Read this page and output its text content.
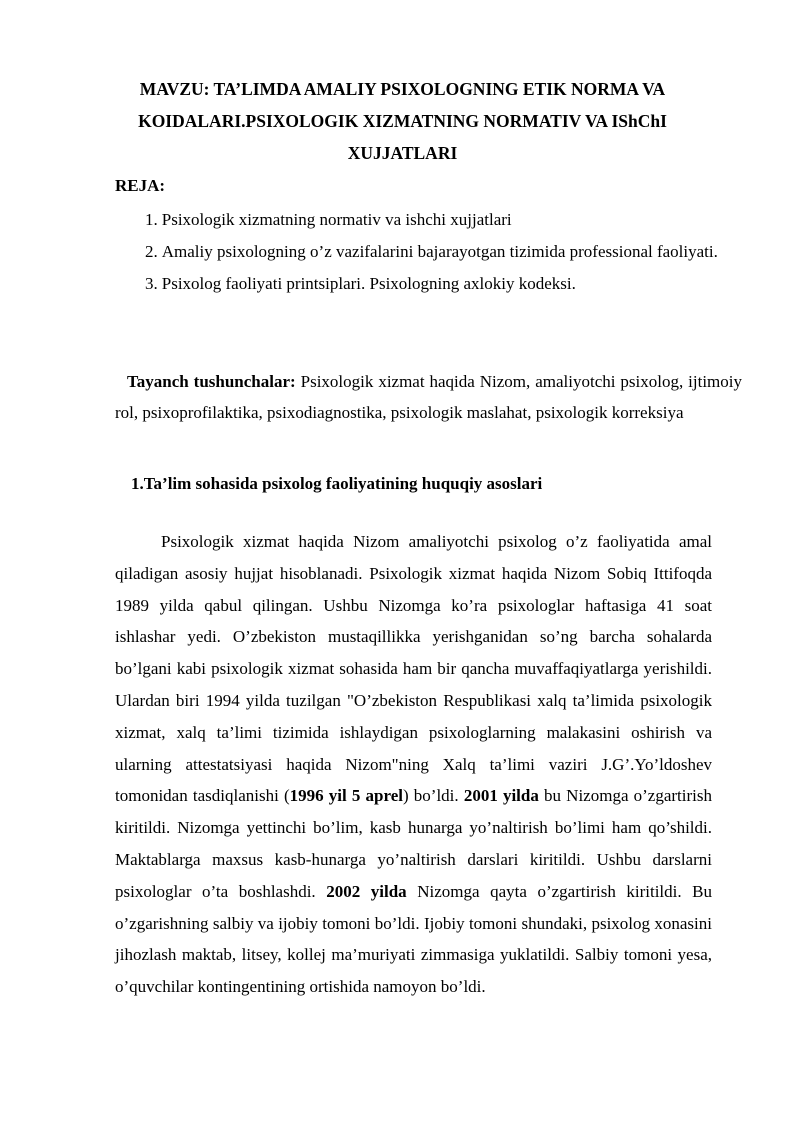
MAVZU: TA’LIMDA AMALIY PSIXOLOGNING ETIK NORMA VA KOIDALARI.PSIXOLOGIK XIZMATNING NORMATIV VA IShChI XUJJATLARI
REJA:
1. Psixologik xizmatning normativ va ishchi xujjatlari
2. Amaliy psixologning o’z vazifalarini bajarayotgan tizimida professional faoliyati.
3. Psixolog faoliyati printsiplari. Psixologning axlokiy kodeksi.
Tayanch tushunchalar: Psixologik xizmat haqida Nizom, amaliyotchi psixolog, ijtimoiy rol, psixoprofilaktika, psixodiagnostika, psixologik maslahat, psixologik korreksiya
1.Ta’lim sohasida psixolog faoliyatining huquqiy asoslari
Psixologik xizmat haqida Nizom amaliyotchi psixolog o’z faoliyatida amal qiladigan asosiy hujjat hisoblanadi. Psixologik xizmat haqida Nizom Sobiq Ittifoqda 1989 yilda qabul qilingan. Ushbu Nizomga ko’ra psixologlar haftasiga 41 soat ishlashar yedi. O’zbekiston mustaqillikka yerishganidan so’ng barcha sohalarda bo’lgani kabi psixologik xizmat sohasida ham bir qancha muvaffaqiyatlarga yerishildi. Ulardan biri 1994 yilda tuzilgan "O’zbekiston Respublikasi xalq ta’limida psixologik xizmat, xalq ta’limi tizimida ishlaydigan psixologlarning malakasini oshirish va ularning attestatsiyasi haqida Nizom"ning Xalq ta’limi vaziri J.G’.Yo’ldoshev tomonidan tasdiqlanishi (1996 yil 5 aprel) bo’ldi. 2001 yilda bu Nizomga o’zgartirish kiritildi. Nizomga yettinchi bo’lim, kasb hunarga yo’naltirish bo’limi ham qo’shildi. Maktablarga maxsus kasb-hunarga yo’naltirish darslari kiritildi. Ushbu darslarni psixologlar o’ta boshlashdi. 2002 yilda Nizomga qayta o’zgartirish kiritildi. Bu o’zgarishning salbiy va ijobiy tomoni bo’ldi. Ijobiy tomoni shundaki, psixolog xonasini jihozlash maktab, litsey, kollej ma’muriyati zimmasiga yuklatildi. Salbiy tomoni yesa, o’quvchilar kontingentining ortishida namoyon bo’ldi.
